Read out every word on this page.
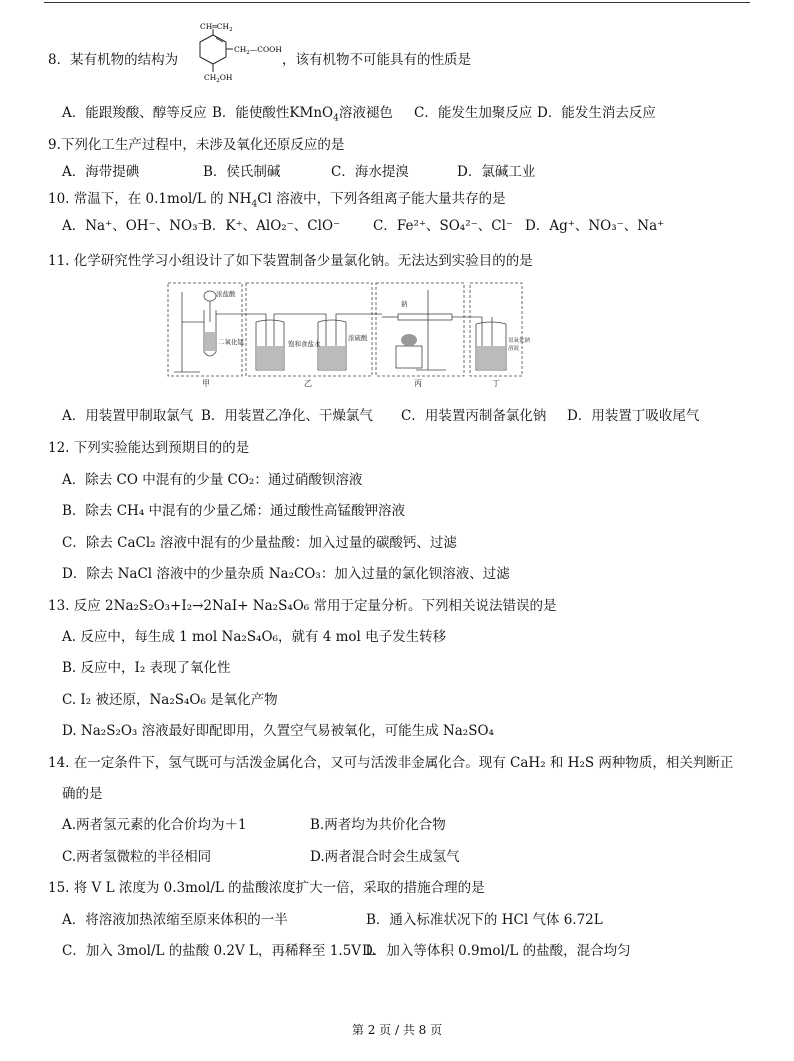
8．某有机物的结构为
$CH═CH_2$
$CH_2—COOH$
$CH_2OH$
，该有机物不可能具有的性质是
A．能跟羧酸、醇等反应 B．能使酸性KMnO$_4$溶液褪色 C．能发生加聚反应 D．能发生消去反应
9.下列化工生产过程中，未涉及氧化还原反应的是
A．海带提碘	B．侯氏制碱	C．海水提溴	D．氯碱工业
10. 常温下，在 0.1mol/L 的 $NH_4Cl$ 溶液中，下列各组离子能大量共存的是
A．Na⁺、OH⁻、NO₃⁻
B．K⁺、AlO₂⁻、ClO⁻ C．Fe²⁺、SO₄²⁻、Cl⁻ D．Ag⁺、NO₃⁻、Na⁺
11. 化学研究性学习小组设计了如下装置制备少量氯化钠。无法达到实验目的的是
浓盐酸
二氧化锰	饱和食盐水
浓硫酸
钠
氢氧化钠
溶液
甲	乙	丙	丁
A．用装置甲制取氯气 B．用装置乙净化、干燥氯气 C．用装置丙制备氯化钠 D．用装置丁吸收尾气
12. 下列实验能达到预期目的的是
A．除去 CO 中混有的少量 CO₂：通过硝酸钡溶液
B．除去 CH₄ 中混有的少量乙烯：通过酸性高锰酸钾溶液
C．除去 CaCl₂ 溶液中混有的少量盐酸：加入过量的碳酸钙、过滤
D．除去 NaCl 溶液中的少量杂质 Na₂CO₃：加入过量的氯化钡溶液、过滤
13. 反应 2Na₂S₂O₃+I₂→2NaI+ Na₂S₄O₆ 常用于定量分析。下列相关说法错误的是
A. 反应中，每生成 1 mol Na₂S₄O₆，就有 4 mol 电子发生转移
B. 反应中，I₂ 表现了氧化性
C. I₂ 被还原，Na₂S₄O₆ 是氧化产物
D. Na₂S₂O₃ 溶液最好即配即用，久置空气易被氧化，可能生成 Na₂SO₄
14. 在一定条件下，氢气既可与活泼金属化合，又可与活泼非金属化合。现有 CaH₂ 和 H₂S 两种物质，相关判断正
确的是
A.两者氢元素的化合价均为＋1	B.两者均为共价化合物
C.两者氢微粒的半径相同	D.两者混合时会生成氢气
15. 将 V L 浓度为 0.3mol/L 的盐酸浓度扩大一倍，采取的措施合理的是
A．将溶液加热浓缩至原来体积的一半	B．通入标准状况下的 HCl 气体 6.72L
C．加入 3mol/L 的盐酸 0.2V L，再稀释至 1.5V L
D．加入等体积 0.9mol/L 的盐酸，混合均匀
第 2 页 / 共 8 页
